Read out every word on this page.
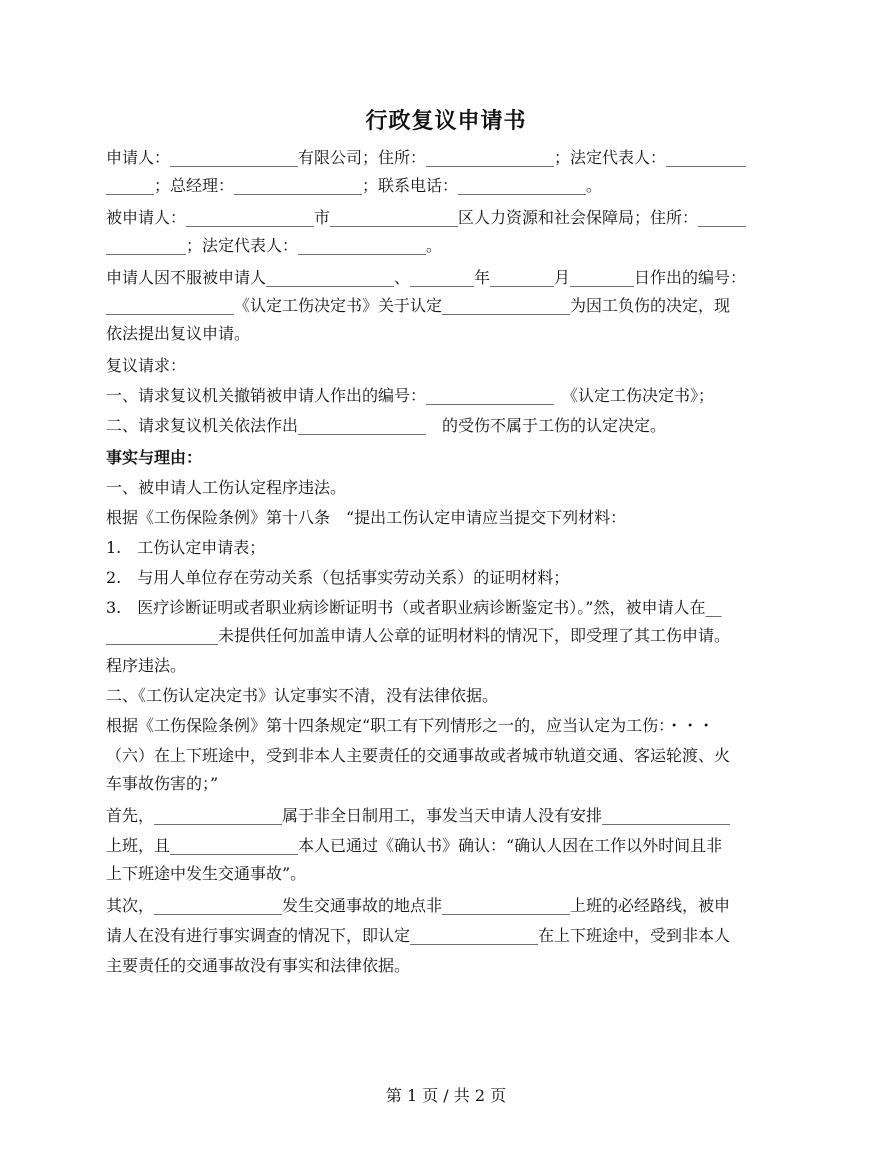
行政复议申请书
申请人：________________有限公司；住所：________________；法定代表人：__________
______；总经理：________________；联系电话：________________。
被申请人：________________市________________区人力资源和社会保障局；住所：______
__________；法定代表人：________________。
申请人因不服被申请人________________、________年________月________日作出的编号：
________________《认定工伤决定书》关于认定________________为因工负伤的决定，现
依法提出复议申请。
复议请求：
一、请求复议机关撤销被申请人作出的编号：________________　《认定工伤决定书》；
二、请求复议机关依法作出________________　的受伤不属于工伤的认定决定。
事实与理由：
一、被申请人工伤认定程序违法。
根据《工伤保险条例》第十八条　“提出工伤认定申请应当提交下列材料：
1.　工伤认定申请表；
2.　与用人单位存在劳动关系（包括事实劳动关系）的证明材料；
3.　医疗诊断证明或者职业病诊断证明书（或者职业病诊断鉴定书）。”然，被申请人在__
______________未提供任何加盖申请人公章的证明材料的情况下，即受理了其工伤申请。
程序违法。
二、《工伤认定决定书》认定事实不清，没有法律依据。
根据《工伤保险条例》第十四条规定“职工有下列情形之一的，应当认定为工伤：・・・
（六）在上下班途中，受到非本人主要责任的交通事故或者城市轨道交通、客运轮渡、火
车事故伤害的；”
首先，________________属于非全日制用工，事发当天申请人没有安排________________
上班，且________________本人已通过《确认书》确认：“确认人因在工作以外时间且非
上下班途中发生交通事故”。
其次，________________发生交通事故的地点非________________上班的必经路线，被申
请人在没有进行事实调查的情况下，即认定________________在上下班途中，受到非本人
主要责任的交通事故没有事实和法律依据。
第 1 页 / 共 2 页
